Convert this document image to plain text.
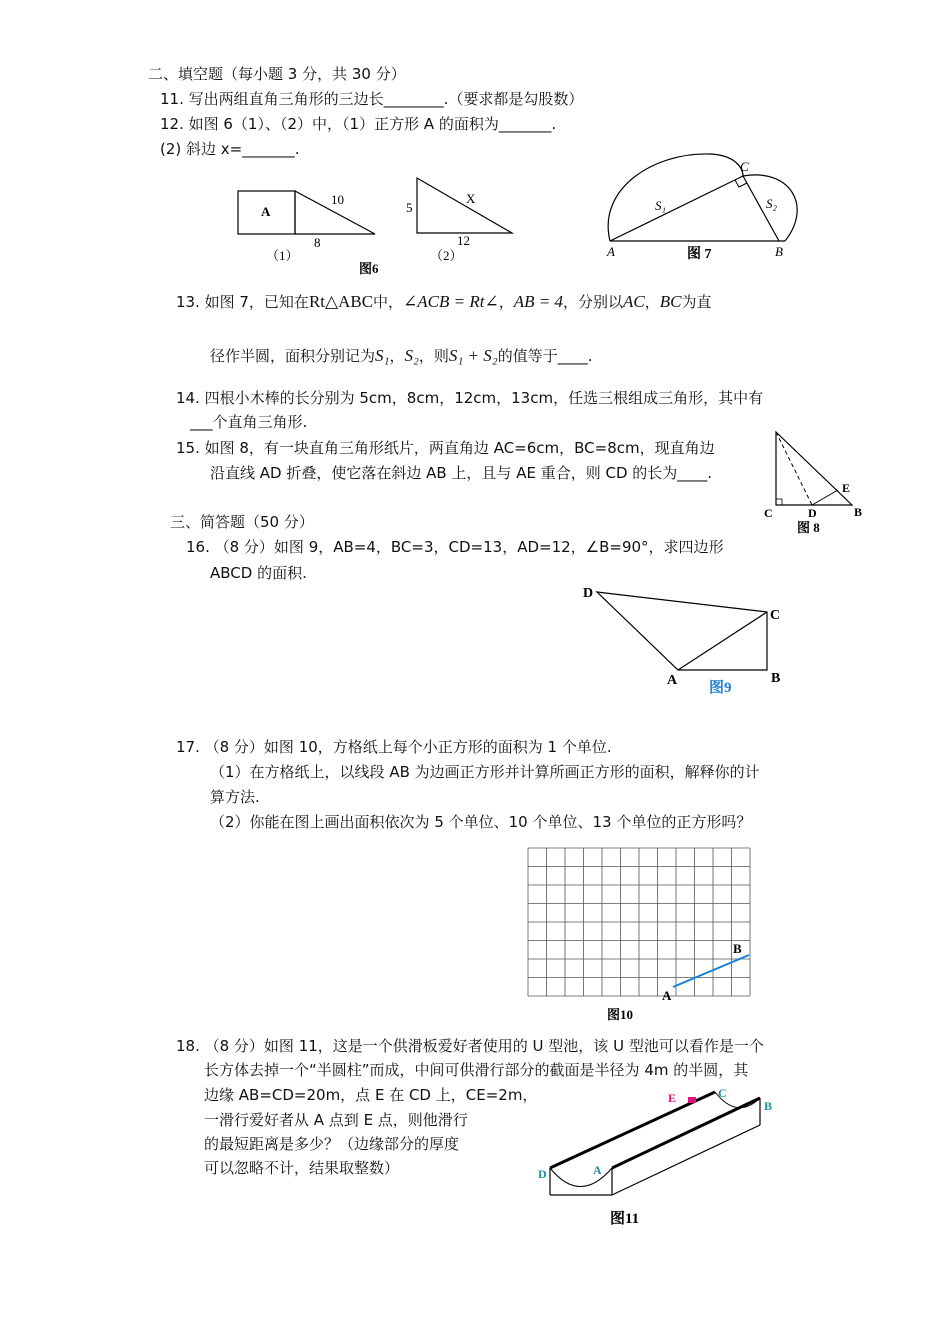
二、填空题（每小题 3 分，共 30 分）
11. 写出两组直角三角形的三边长________.（要求都是勾股数）
12. 如图 6（1）、（2）中，（1）正方形 A 的面积为_______.
(2) 斜边 x=_______.
A
10
8
（1）
5
X
12
（2）
图6
C
A	B
S₁	S₂
图 7
13. 如图 7，已知在Rt△ABC中，∠ACB = Rt∠，AB = 4，分别以AC，BC为直
径作半圆，面积分别记为S₁，S₂，则S₁ + S₂的值等于____.
14. 四根小木棒的长分别为 5cm，8cm，12cm，13cm，任选三根组成三角形，其中有
___个直角三角形.
15. 如图 8，有一块直角三角形纸片，两直角边 AC=6cm，BC=8cm，现直角边
沿直线 AD 折叠，使它落在斜边 AB 上，且与 AE 重合，则 CD 的长为____.
C	D	B
E
图 8
三、简答题（50 分）
16. （8 分）如图 9，AB=4，BC=3，CD=13，AD=12，∠B=90°，求四边形
ABCD 的面积.
D
C
A	B
图9
17. （8 分）如图 10，方格纸上每个小正方形的面积为 1 个单位.
（1）在方格纸上，以线段 AB 为边画正方形并计算所画正方形的面积，解释你的计
算方法.
（2）你能在图上画出面积依次为 5 个单位、10 个单位、13 个单位的正方形吗？
A
B
图10
18. （8 分）如图 11，这是一个供滑板爱好者使用的 U 型池，该 U 型池可以看作是一个
长方体去掉一个“半圆柱”而成，中间可供滑行部分的截面是半径为 4m 的半圆，其
边缘 AB=CD=20m，点 E 在 CD 上，CE=2m，
一滑行爱好者从 A 点到 E 点，则他滑行
的最短距离是多少？（边缘部分的厚度
可以忽略不计，结果取整数）
E	C
B
D	A
图11
